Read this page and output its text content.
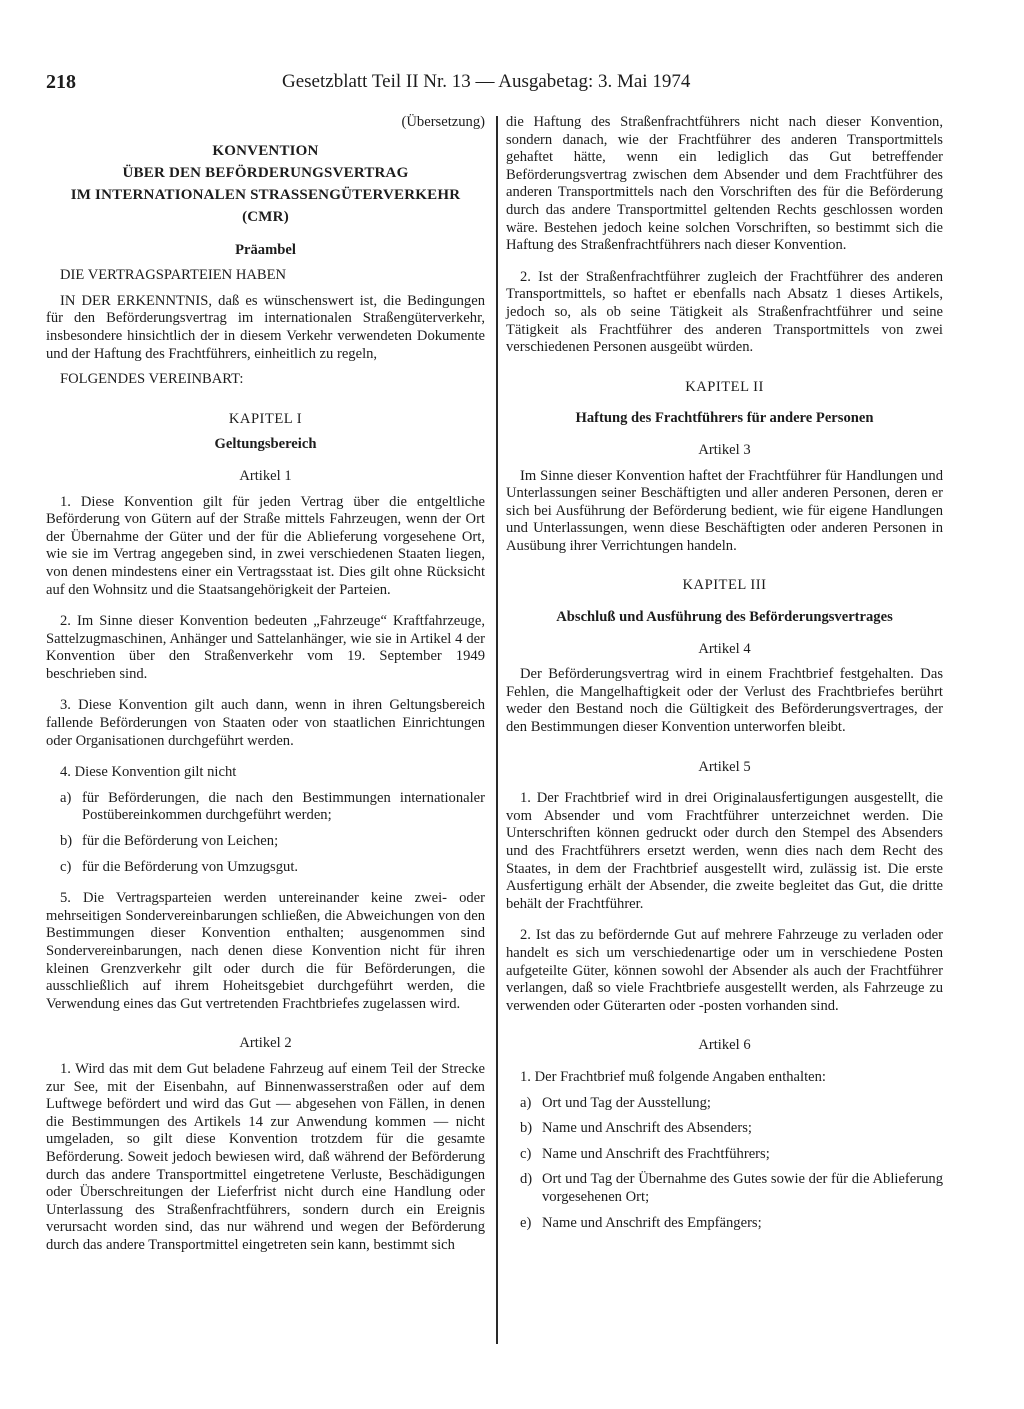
218	Gesetzblatt Teil II Nr. 13 — Ausgabetag: 3. Mai 1974

(Übersetzung)

KONVENTION

ÜBER DEN BEFÖRDERUNGSVERTRAG

IM INTERNATIONALEN STRASSENGÜTERVERKEHR

(CMR)

Präambel

DIE VERTRAGSPARTEIEN HABEN

IN DER ERKENNTNIS, daß es wünschenswert ist, die Bedingungen für den Beförderungsvertrag im internationalen Straßengüterverkehr, insbesondere hinsichtlich der in diesem Verkehr verwendeten Dokumente und der Haftung des Frachtführers, einheitlich zu regeln,

FOLGENDES VEREINBART:

KAPITEL I

Geltungsbereich

Artikel 1

1. Diese Konvention gilt für jeden Vertrag über die entgeltliche Beförderung von Gütern auf der Straße mittels Fahrzeugen, wenn der Ort der Übernahme der Güter und der für die Ablieferung vorgesehene Ort, wie sie im Vertrag angegeben sind, in zwei verschiedenen Staaten liegen, von denen mindestens einer ein Vertragsstaat ist. Dies gilt ohne Rücksicht auf den Wohnsitz und die Staatsangehörigkeit der Parteien.

2. Im Sinne dieser Konvention bedeuten „Fahrzeuge“ Kraftfahrzeuge, Sattelzugmaschinen, Anhänger und Sattelanhänger, wie sie in Artikel 4 der Konvention über den Straßenverkehr vom 19. September 1949 beschrieben sind.

3. Diese Konvention gilt auch dann, wenn in ihren Geltungsbereich fallende Beförderungen von Staaten oder von staatlichen Einrichtungen oder Organisationen durchgeführt werden.

4. Diese Konvention gilt nicht

a) für Beförderungen, die nach den Bestimmungen internationaler Postübereinkommen durchgeführt werden;
b) für die Beförderung von Leichen;
c) für die Beförderung von Umzugsgut.

5. Die Vertragsparteien werden untereinander keine zwei- oder mehrseitigen Sondervereinbarungen schließen, die Abweichungen von den Bestimmungen dieser Konvention enthalten; ausgenommen sind Sondervereinbarungen, nach denen diese Konvention nicht für ihren kleinen Grenzverkehr gilt oder durch die für Beförderungen, die ausschließlich auf ihrem Hoheitsgebiet durchgeführt werden, die Verwendung eines das Gut vertretenden Frachtbriefes zugelassen wird.

Artikel 2

1. Wird das mit dem Gut beladene Fahrzeug auf einem Teil der Strecke zur See, mit der Eisenbahn, auf Binnenwasserstraßen oder auf dem Luftwege befördert und wird das Gut — abgesehen von Fällen, in denen die Bestimmungen des Artikels 14 zur Anwendung kommen — nicht umgeladen, so gilt diese Konvention trotzdem für die gesamte Beförderung. Soweit jedoch bewiesen wird, daß während der Beförderung durch das andere Transportmittel eingetretene Verluste, Beschädigungen oder Überschreitungen der Lieferfrist nicht durch eine Handlung oder Unterlassung des Straßenfrachtführers, sondern durch ein Ereignis verursacht worden sind, das nur während und wegen der Beförderung durch das andere Transportmittel eingetreten sein kann, bestimmt sich

die Haftung des Straßenfrachtführers nicht nach dieser Konvention, sondern danach, wie der Frachtführer des anderen Transportmittels gehaftet hätte, wenn ein lediglich das Gut betreffender Beförderungsvertrag zwischen dem Absender und dem Frachtführer des anderen Transportmittels nach den Vorschriften des für die Beförderung durch das andere Transportmittel geltenden Rechts geschlossen worden wäre. Bestehen jedoch keine solchen Vorschriften, so bestimmt sich die Haftung des Straßenfrachtführers nach dieser Konvention.

2. Ist der Straßenfrachtführer zugleich der Frachtführer des anderen Transportmittels, so haftet er ebenfalls nach Absatz 1 dieses Artikels, jedoch so, als ob seine Tätigkeit als Straßenfrachtführer und seine Tätigkeit als Frachtführer des anderen Transportmittels von zwei verschiedenen Personen ausgeübt würden.

KAPITEL II

Haftung des Frachtführers für andere Personen

Artikel 3

Im Sinne dieser Konvention haftet der Frachtführer für Handlungen und Unterlassungen seiner Beschäftigten und aller anderen Personen, deren er sich bei Ausführung der Beförderung bedient, wie für eigene Handlungen und Unterlassungen, wenn diese Beschäftigten oder anderen Personen in Ausübung ihrer Verrichtungen handeln.

KAPITEL III

Abschluß und Ausführung des Beförderungsvertrages

Artikel 4

Der Beförderungsvertrag wird in einem Frachtbrief festgehalten. Das Fehlen, die Mangelhaftigkeit oder der Verlust des Frachtbriefes berührt weder den Bestand noch die Gültigkeit des Beförderungsvertrages, der den Bestimmungen dieser Konvention unterworfen bleibt.

Artikel 5

1. Der Frachtbrief wird in drei Originalausfertigungen ausgestellt, die vom Absender und vom Frachtführer unterzeichnet werden. Die Unterschriften können gedruckt oder durch den Stempel des Absenders und des Frachtführers ersetzt werden, wenn dies nach dem Recht des Staates, in dem der Frachtbrief ausgestellt wird, zulässig ist. Die erste Ausfertigung erhält der Absender, die zweite begleitet das Gut, die dritte behält der Frachtführer.

2. Ist das zu befördernde Gut auf mehrere Fahrzeuge zu verladen oder handelt es sich um verschiedenartige oder um in verschiedene Posten aufgeteilte Güter, können sowohl der Absender als auch der Frachtführer verlangen, daß so viele Frachtbriefe ausgestellt werden, als Fahrzeuge zu verwenden oder Güterarten oder -posten vorhanden sind.

Artikel 6

1. Der Frachtbrief muß folgende Angaben enthalten:

a) Ort und Tag der Ausstellung;
b) Name und Anschrift des Absenders;
c) Name und Anschrift des Frachtführers;
d) Ort und Tag der Übernahme des Gutes sowie der für die Ablieferung vorgesehenen Ort;
e) Name und Anschrift des Empfängers;
